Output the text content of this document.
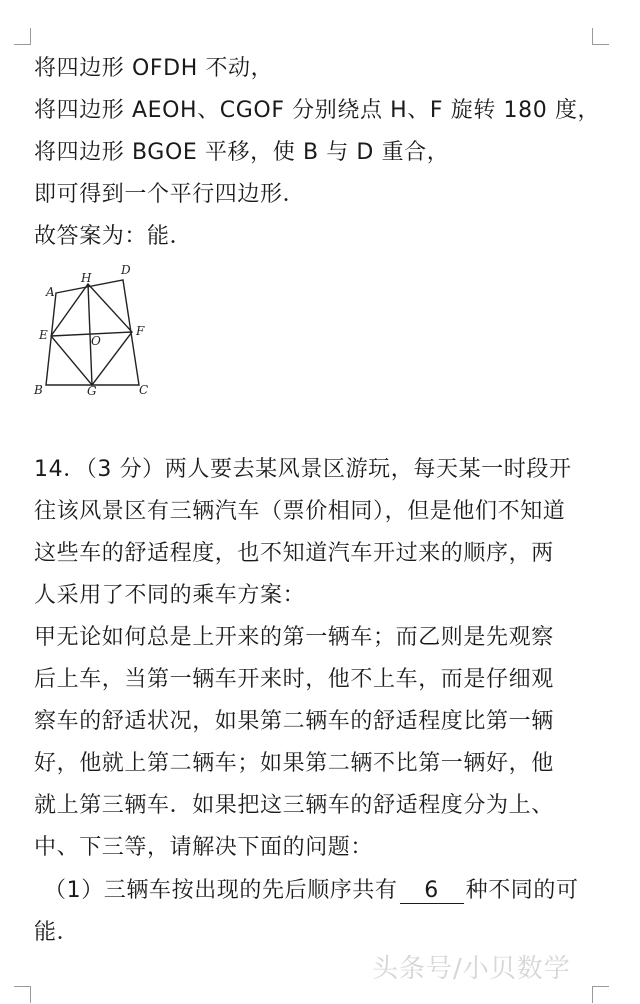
将四边形 OFDH 不动，
将四边形 AEOH、CGOF 分别绕点 H、F 旋转 180 度，
将四边形 BGOE 平移，使 B 与 D 重合，
即可得到一个平行四边形．
故答案为：能．
A
H
D
E	F
O
B	G	C
14．（3 分）两人要去某风景区游玩，每天某一时段开
往该风景区有三辆汽车（票价相同），但是他们不知道
这些车的舒适程度，也不知道汽车开过来的顺序，两
人采用了不同的乘车方案：
甲无论如何总是上开来的第一辆车；而乙则是先观察
后上车，当第一辆车开来时，他不上车，而是仔细观
察车的舒适状况，如果第二辆车的舒适程度比第一辆
好，他就上第二辆车；如果第二辆不比第一辆好，他
就上第三辆车．如果把这三辆车的舒适程度分为上、
中、下三等，请解决下面的问题：
（1）三辆车按出现的先后顺序共有 6 种不同的可
能．
头条号/小贝数学
